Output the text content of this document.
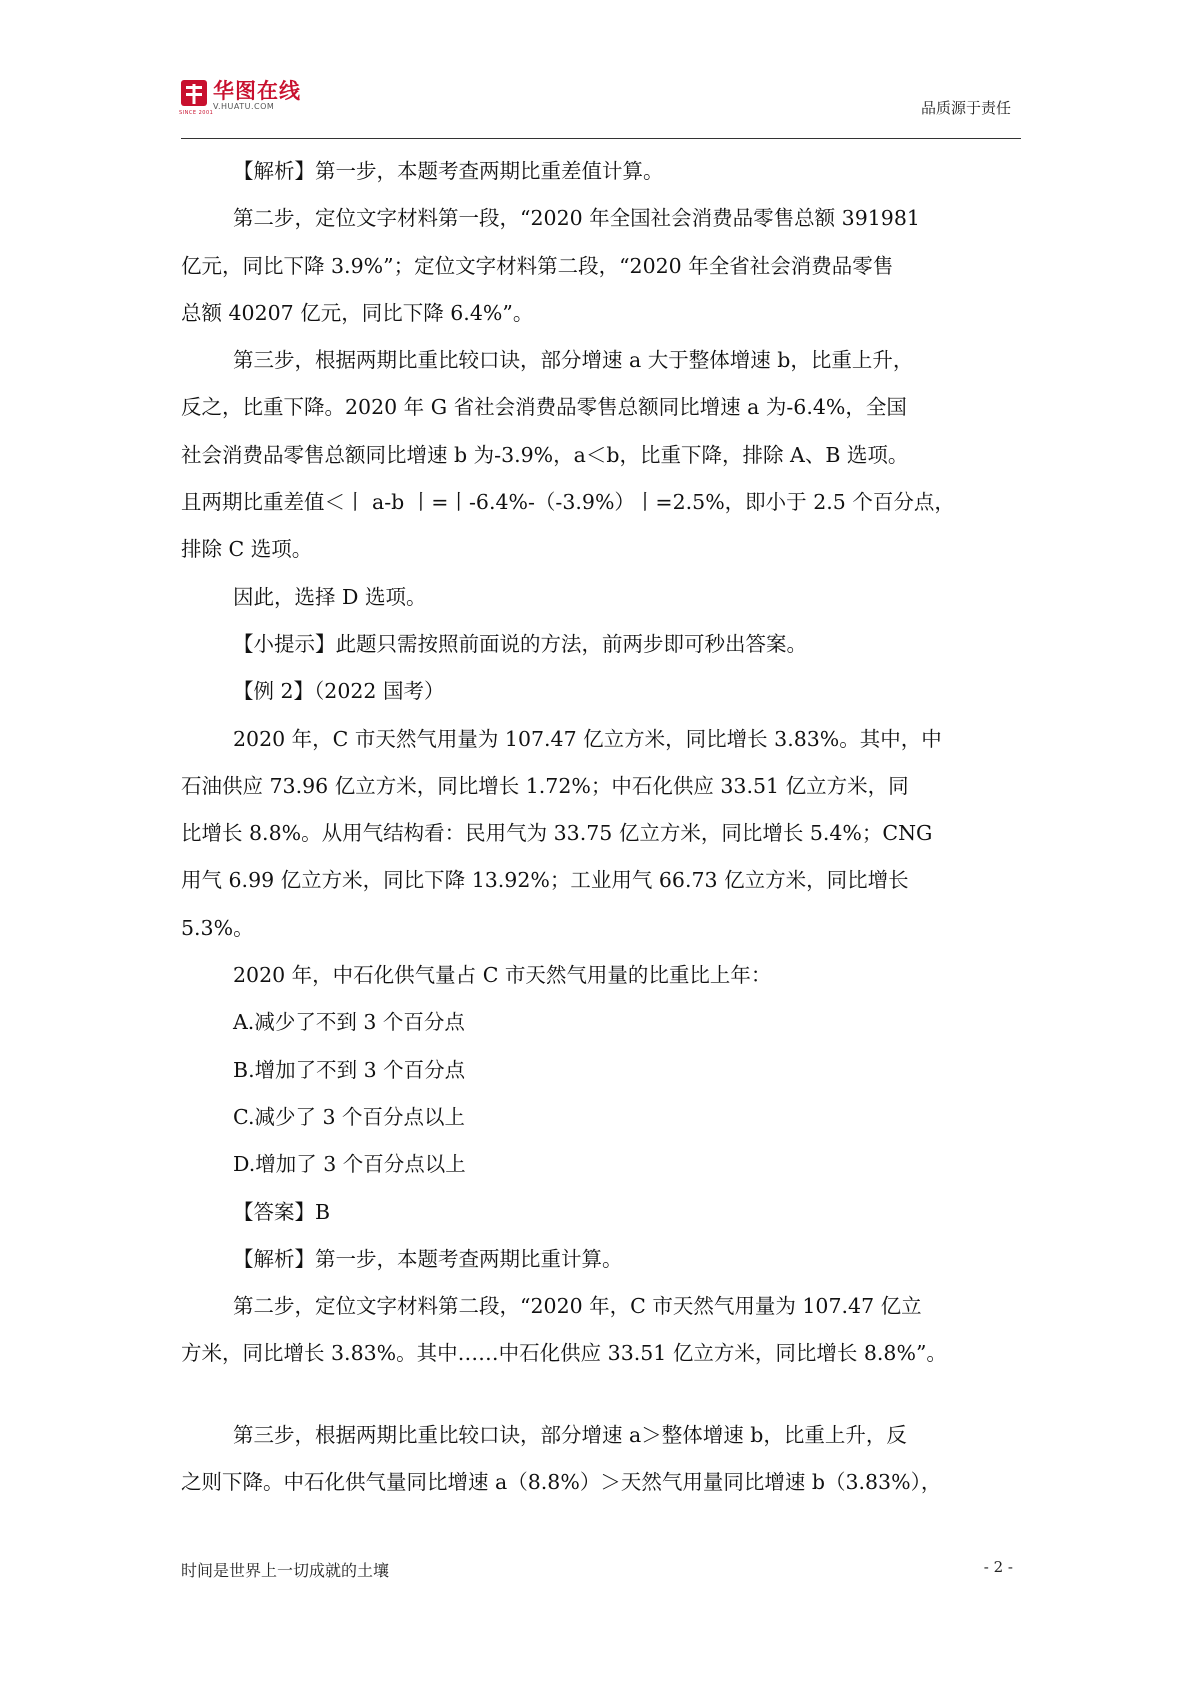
SINCE 2001
华图在线
V.HUATU.COM	品质源于责任

【解析】第一步，本题考查两期比重差值计算。

第二步，定位文字材料第一段，“2020 年全国社会消费品零售总额 391981

亿元，同比下降 3.9%”；定位文字材料第二段，“2020 年全省社会消费品零售

总额 40207 亿元，同比下降 6.4%”。

第三步，根据两期比重比较口诀，部分增速 a 大于整体增速 b，比重上升，

反之，比重下降。2020 年 G 省社会消费品零售总额同比增速 a 为-6.4%，全国

社会消费品零售总额同比增速 b 为-3.9%，a＜b，比重下降，排除 A、B 选项。

且两期比重差值＜丨 a-b 丨=丨-6.4%-（-3.9%）丨=2.5%，即小于 2.5 个百分点，

排除 C 选项。

因此，选择 D 选项。

【小提示】此题只需按照前面说的方法，前两步即可秒出答案。

【例 2】（2022 国考）

2020 年，C 市天然气用量为 107.47 亿立方米，同比增长 3.83%。其中，中

石油供应 73.96 亿立方米，同比增长 1.72%；中石化供应 33.51 亿立方米，同

比增长 8.8%。从用气结构看：民用气为 33.75 亿立方米，同比增长 5.4%；CNG

用气 6.99 亿立方米，同比下降 13.92%；工业用气 66.73 亿立方米，同比增长

5.3%。

2020 年，中石化供气量占 C 市天然气用量的比重比上年：

A.减少了不到 3 个百分点

B.增加了不到 3 个百分点

C.减少了 3 个百分点以上

D.增加了 3 个百分点以上

【答案】B

【解析】第一步，本题考查两期比重计算。

第二步，定位文字材料第二段，“2020 年，C 市天然气用量为 107.47 亿立

方米，同比增长 3.83%。其中……中石化供应 33.51 亿立方米，同比增长 8.8%”。

第三步，根据两期比重比较口诀，部分增速 a＞整体增速 b，比重上升，反

之则下降。中石化供气量同比增速 a（8.8%）＞天然气用量同比增速 b（3.83%），

时间是世界上一切成就的土壤	- 2 -
